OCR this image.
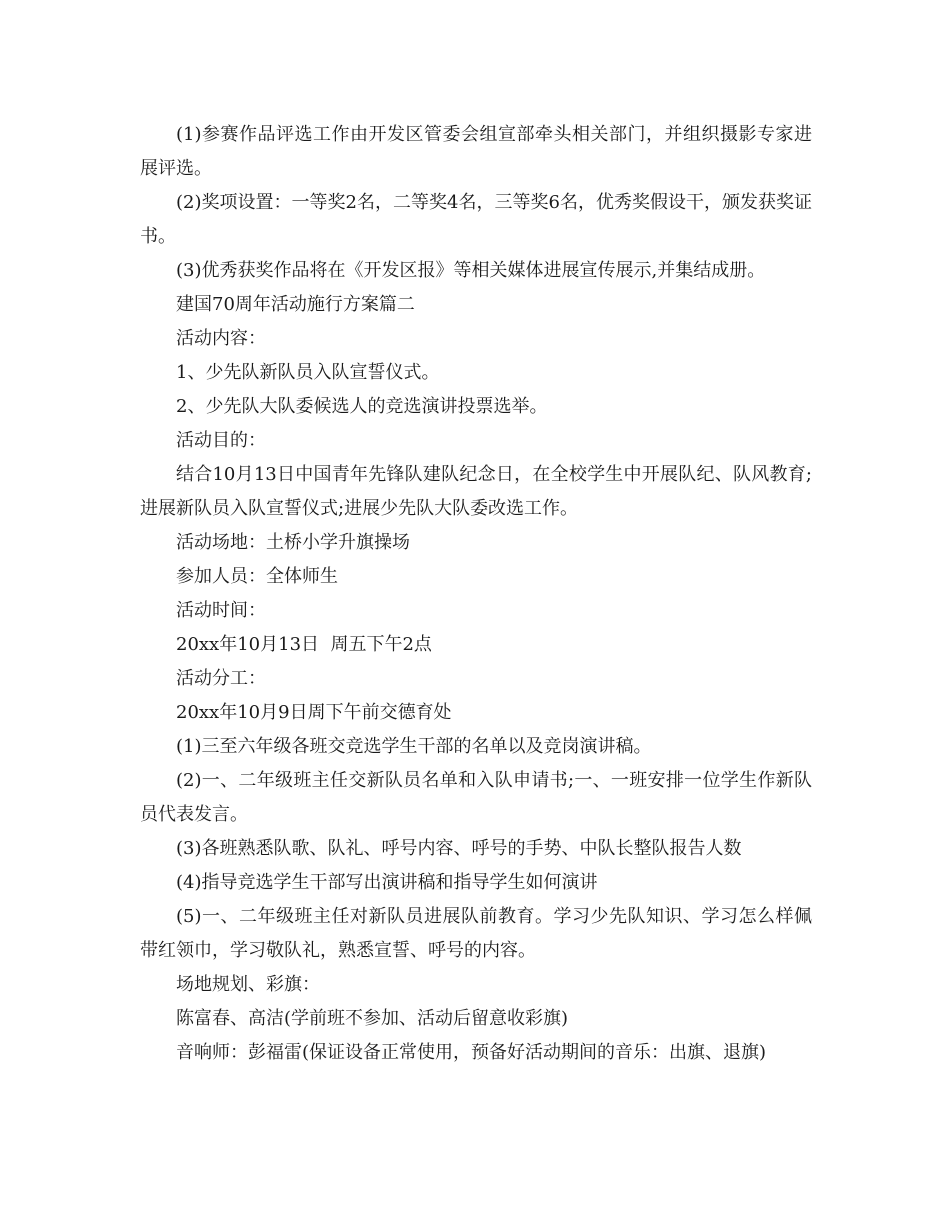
(1)参赛作品评选工作由开发区管委会组宣部牵头相关部门，并组织摄影专家进展评选。

(2)奖项设置：一等奖2名，二等奖4名，三等奖6名，优秀奖假设干，颁发获奖证书。

(3)优秀获奖作品将在《开发区报》等相关媒体进展宣传展示,并集结成册。

建国70周年活动施行方案篇二

活动内容：

1、少先队新队员入队宣誓仪式。

2、少先队大队委候选人的竞选演讲投票选举。

活动目的：

结合10月13日中国青年先锋队建队纪念日，在全校学生中开展队纪、队风教育;进展新队员入队宣誓仪式;进展少先队大队委改选工作。

活动场地：土桥小学升旗操场

参加人员：全体师生

活动时间：

20xx年10月13日  周五下午2点

活动分工：

20xx年10月9日周下午前交德育处

(1)三至六年级各班交竞选学生干部的名单以及竞岗演讲稿。

(2)一、二年级班主任交新队员名单和入队申请书;一、一班安排一位学生作新队员代表发言。

(3)各班熟悉队歌、队礼、呼号内容、呼号的手势、中队长整队报告人数

(4)指导竞选学生干部写出演讲稿和指导学生如何演讲

(5)一、二年级班主任对新队员进展队前教育。学习少先队知识、学习怎么样佩带红领巾，学习敬队礼，熟悉宣誓、呼号的内容。

场地规划、彩旗：

陈富春、高洁(学前班不参加、活动后留意收彩旗)

音响师：彭福雷(保证设备正常使用，预备好活动期间的音乐：出旗、退旗)
